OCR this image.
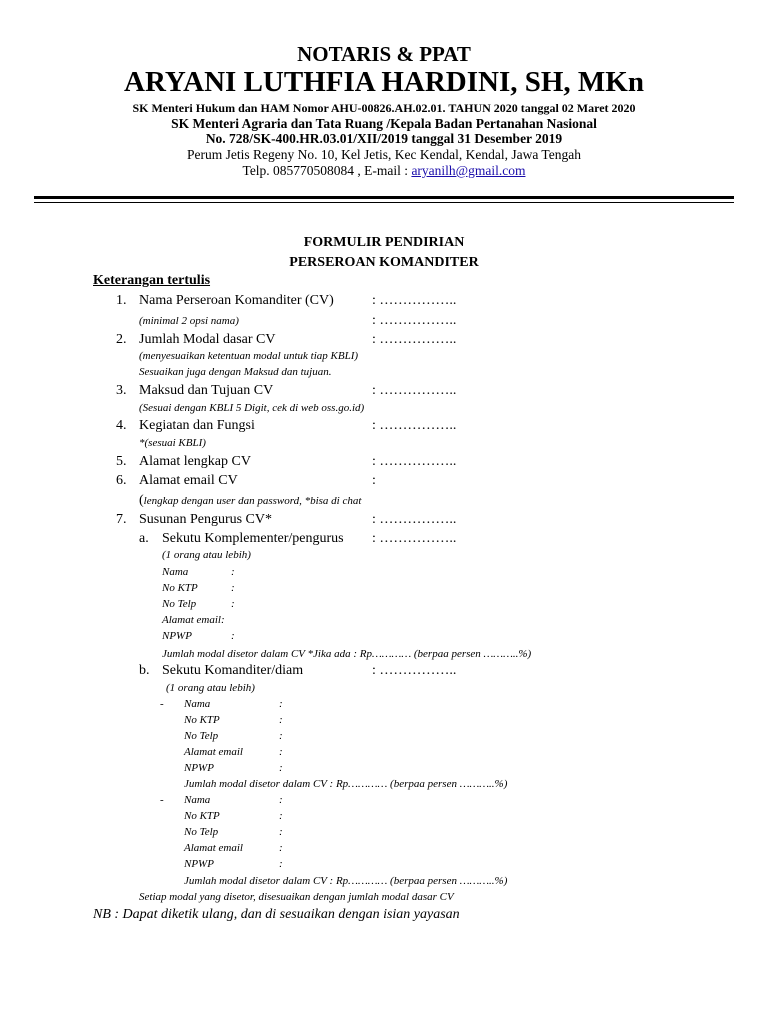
NOTARIS & PPAT
ARYANI LUTHFIA HARDINI, SH, MKn
SK Menteri Hukum dan HAM Nomor AHU-00826.AH.02.01. TAHUN 2020 tanggal 02 Maret 2020
SK Menteri Agraria dan Tata Ruang /Kepala Badan Pertanahan Nasional
No. 728/SK-400.HR.03.01/XII/2019 tanggal 31 Desember 2019
Perum Jetis Regeny No. 10, Kel Jetis, Kec Kendal, Kendal, Jawa Tengah
Telp. 085770508084 , E-mail : aryanilh@gmail.com
FORMULIR PENDIRIAN
PERSEROAN KOMANDITER
Keterangan tertulis
1. Nama Perseroan Komanditer (CV)	: ……………..
(minimal 2 opsi nama)	: ……………..
2. Jumlah Modal dasar CV	: ……………..
(menyesuaikan ketentuan modal untuk tiap KBLI)
Sesuaikan juga dengan Maksud dan tujuan.
3. Maksud dan Tujuan CV	: ……………..
(Sesuai dengan KBLI 5 Digit, cek di web oss.go.id)
4. Kegiatan dan Fungsi	: ……………..
*(sesuai KBLI)
5. Alamat lengkap CV	: ……………..
6. Alamat email CV	:
(lengkap dengan user dan password, *bisa di chat
7. Susunan Pengurus CV*	: ……………..
a. Sekutu Komplementer/pengurus : ……………..
(1 orang atau lebih)
Nama	:
No KTP	:
No Telp	:
Alamat email:
NPWP	:
Jumlah modal disetor dalam CV *Jika ada : Rp………… (berpaa persen ………..%)
b. Sekutu Komanditer/diam	: ……………..
(1 orang atau lebih)
- Nama	:
No KTP	:
No Telp	:
Alamat email	:
NPWP	:
Jumlah modal disetor dalam CV : Rp………… (berpaa persen ………..%)
- Nama	:
No KTP	:
No Telp	:
Alamat email	:
NPWP	:
Jumlah modal disetor dalam CV : Rp………… (berpaa persen ………..%)
Setiap modal yang disetor, disesuaikan dengan jumlah modal dasar CV
NB : Dapat diketik ulang, dan di sesuaikan dengan isian yayasan
